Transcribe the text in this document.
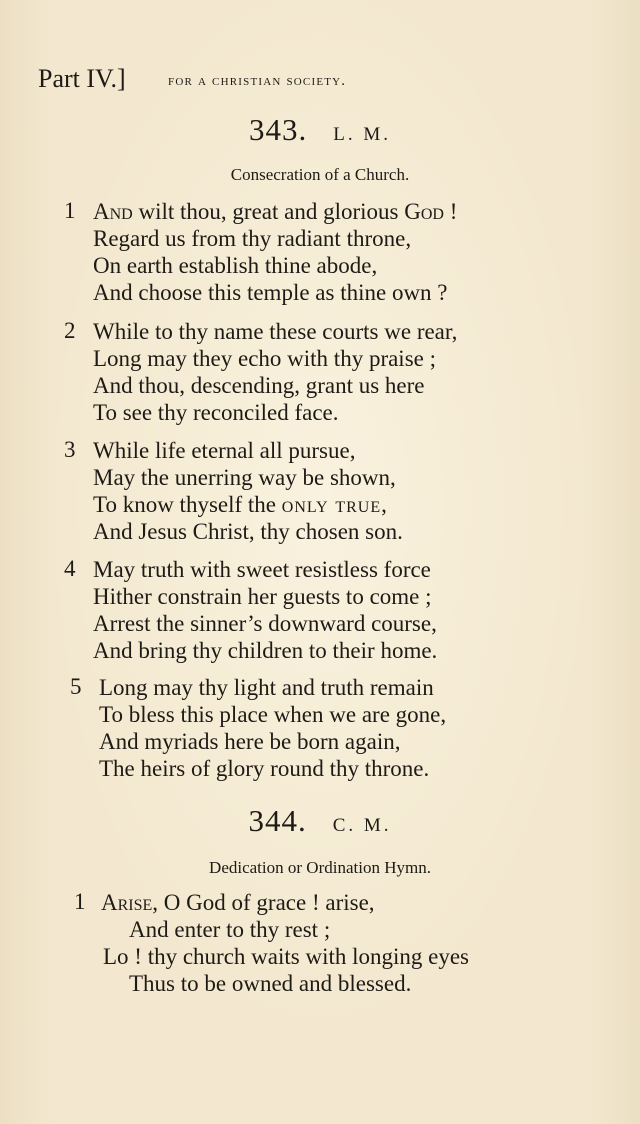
Part IV.]	for a christian society.
343. L. M.
Consecration of a Church.
1 And wilt thou, great and glorious God !
Regard us from thy radiant throne,
On earth establish thine abode,
And choose this temple as thine own ?
2 While to thy name these courts we rear,
Long may they echo with thy praise ;
And thou, descending, grant us here
To see thy reconciled face.
3 While life eternal all pursue,
May the unerring way be shown,
To know thyself the only true,
And Jesus Christ, thy chosen son.
4 May truth with sweet resistless force
Hither constrain her guests to come ;
Arrest the sinner’s downward course,
And bring thy children to their home.
5 Long may thy light and truth remain
To bless this place when we are gone,
And myriads here be born again,
The heirs of glory round thy throne.
344. C. M.
Dedication or Ordination Hymn.
1 Arise, O God of grace ! arise,
And enter to thy rest ;
Lo ! thy church waits with longing eyes
Thus to be owned and blessed.
